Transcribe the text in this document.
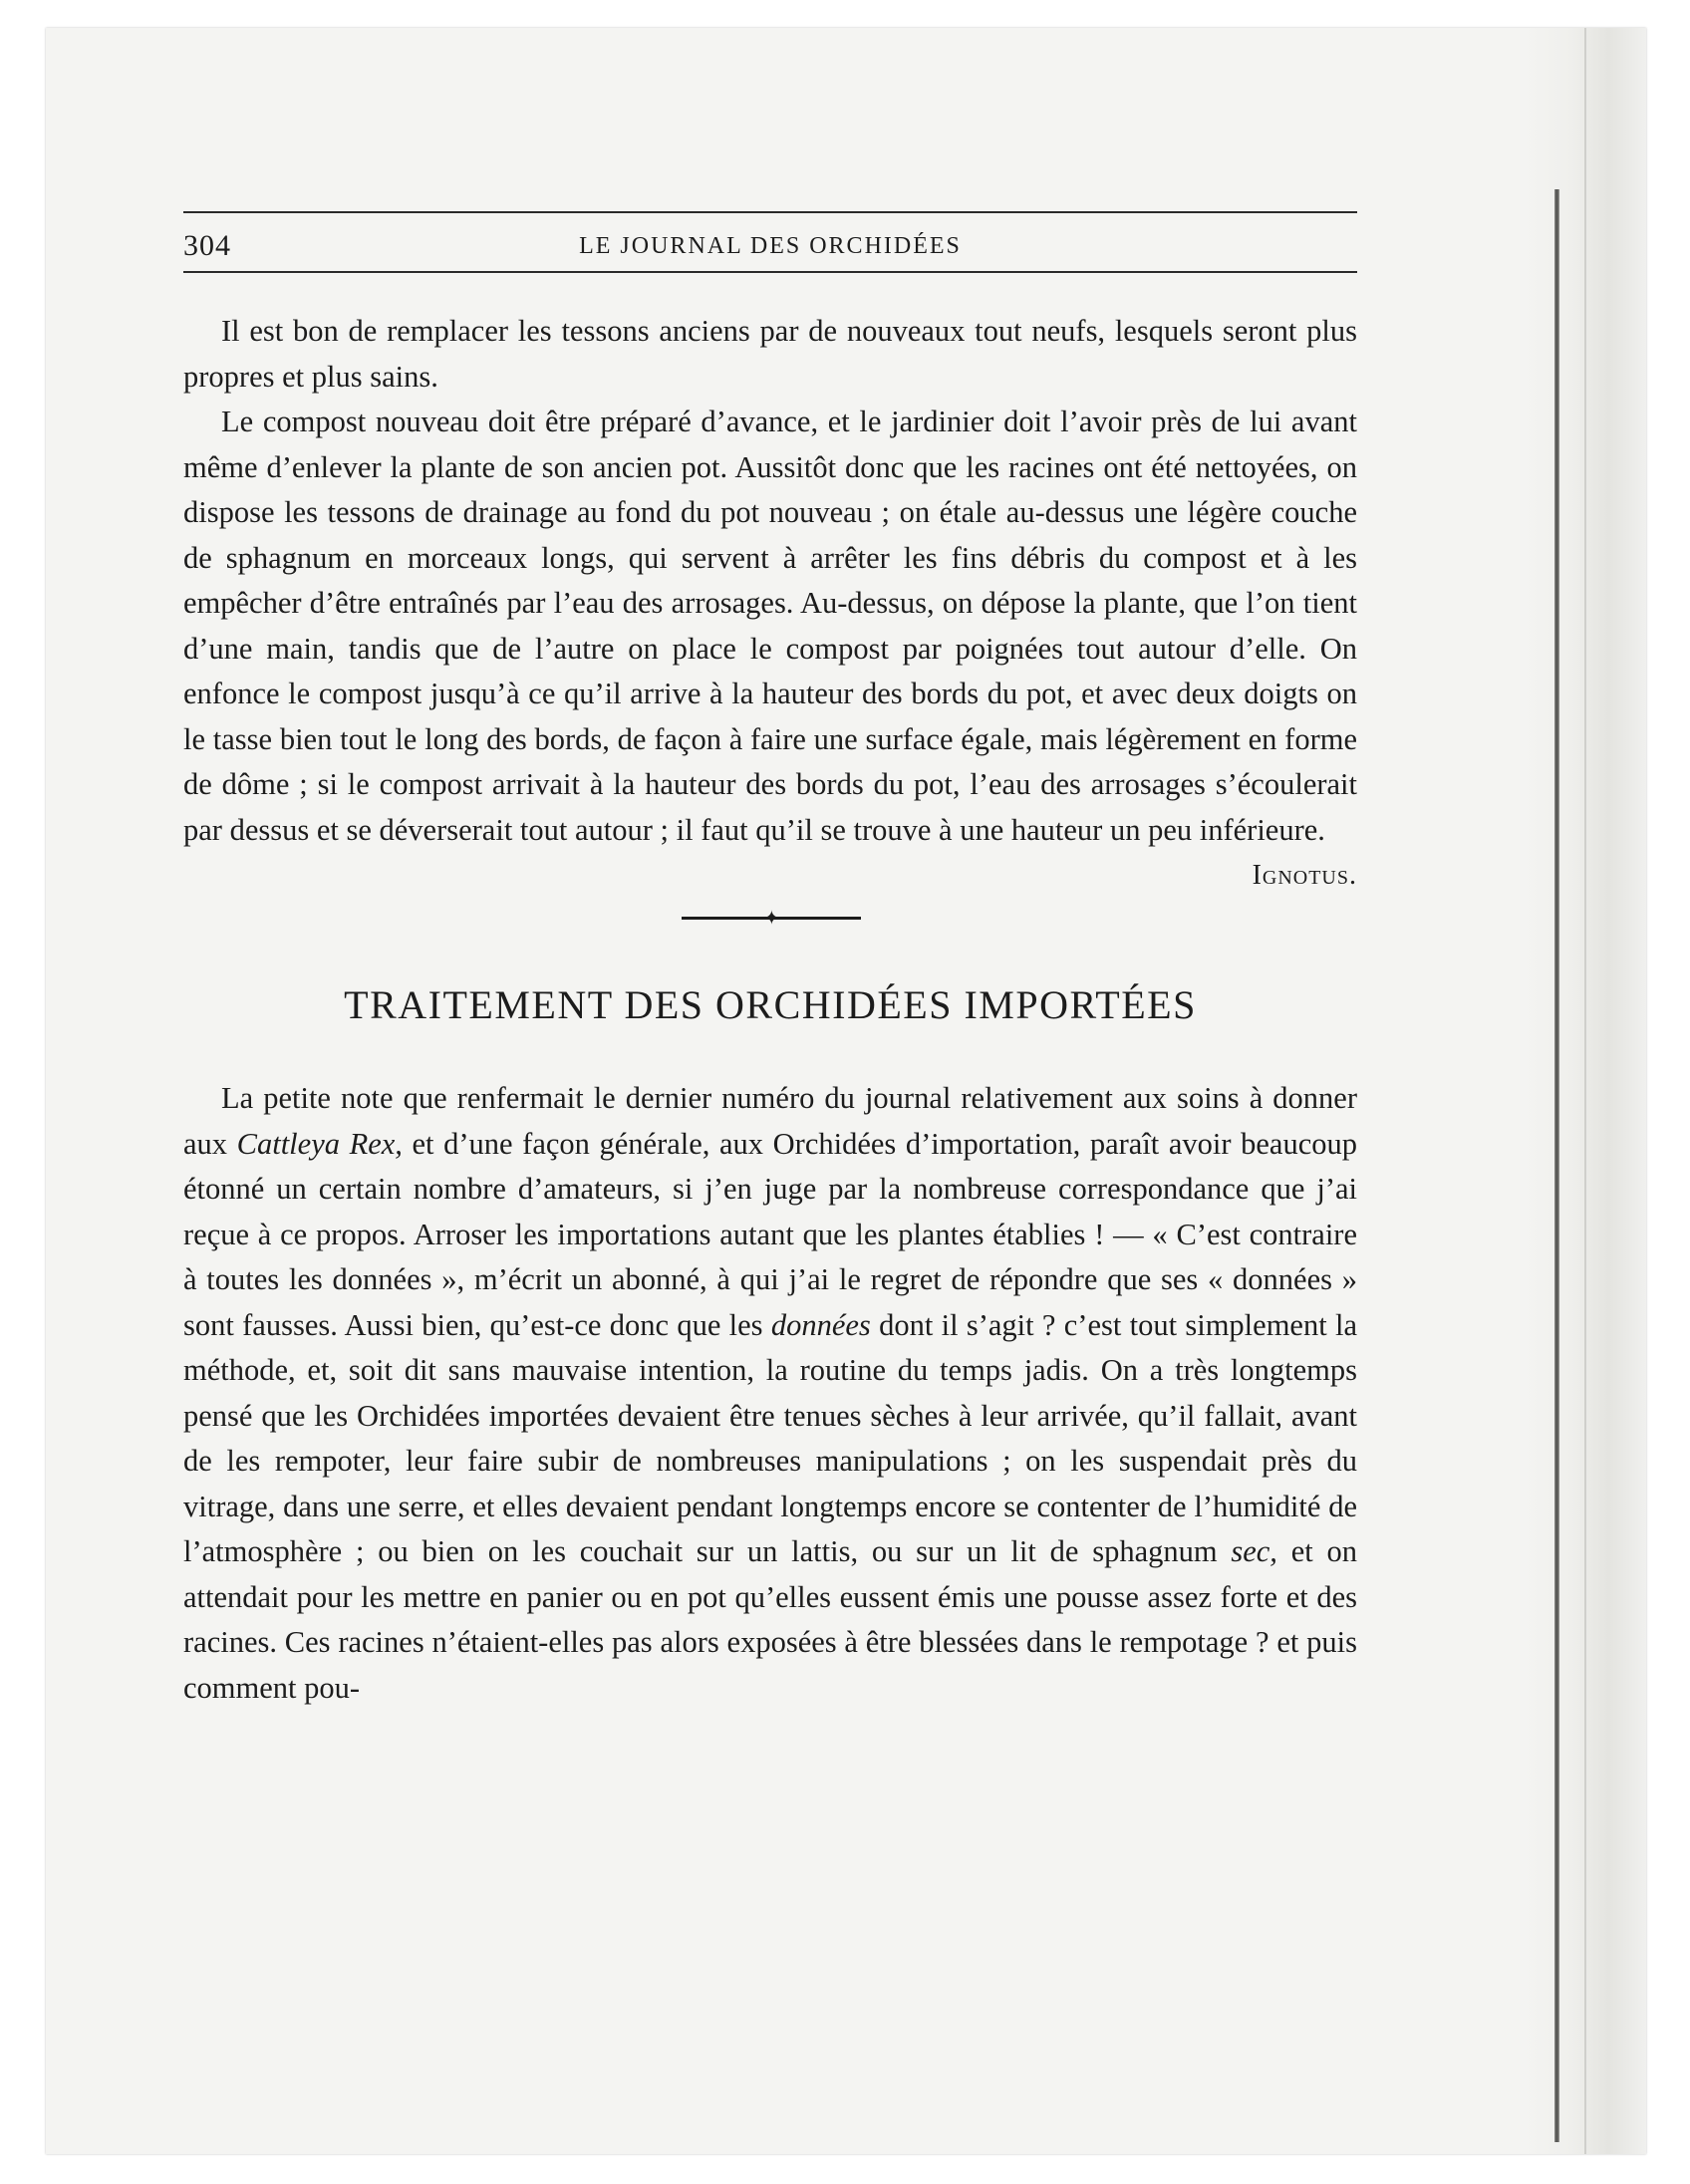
304	LE JOURNAL DES ORCHIDÉES

Il est bon de remplacer les tessons anciens par de nouveaux tout neufs, lesquels seront plus propres et plus sains.

Le compost nouveau doit être préparé d’avance, et le jardinier doit l’avoir près de lui avant même d’enlever la plante de son ancien pot. Aussitôt donc que les racines ont été nettoyées, on dispose les tessons de drainage au fond du pot nouveau ; on étale au-dessus une légère couche de sphagnum en morceaux longs, qui servent à arrêter les fins débris du compost et à les empêcher d’être entraînés par l’eau des arrosages. Au-dessus, on dépose la plante, que l’on tient d’une main, tandis que de l’autre on place le compost par poignées tout autour d’elle. On enfonce le compost jusqu’à ce qu’il arrive à la hauteur des bords du pot, et avec deux doigts on le tasse bien tout le long des bords, de façon à faire une surface égale, mais légèrement en forme de dôme ; si le compost arrivait à la hauteur des bords du pot, l’eau des arrosages s’écoulerait par dessus et se déverserait tout autour ; il faut qu’il se trouve à une hauteur un peu inférieure.

Ignotus.

✦
TRAITEMENT DES ORCHIDÉES IMPORTÉES

La petite note que renfermait le dernier numéro du journal relativement aux soins à donner aux Cattleya Rex, et d’une façon générale, aux Orchidées d’importation, paraît avoir beaucoup étonné un certain nombre d’amateurs, si j’en juge par la nombreuse correspondance que j’ai reçue à ce propos. Arroser les importations autant que les plantes établies ! — « C’est contraire à toutes les données », m’écrit un abonné, à qui j’ai le regret de répondre que ses « données » sont fausses. Aussi bien, qu’est-ce donc que les données dont il s’agit ? c’est tout simplement la méthode, et, soit dit sans mauvaise intention, la routine du temps jadis. On a très longtemps pensé que les Orchidées importées devaient être tenues sèches à leur arrivée, qu’il fallait, avant de les rempoter, leur faire subir de nombreuses manipulations ; on les suspendait près du vitrage, dans une serre, et elles devaient pendant longtemps encore se contenter de l’humidité de l’atmosphère ; ou bien on les couchait sur un lattis, ou sur un lit de sphagnum sec, et on attendait pour les mettre en panier ou en pot qu’elles eussent émis une pousse assez forte et des racines. Ces racines n’étaient-elles pas alors exposées à être blessées dans le rempotage ? et puis comment pou-
